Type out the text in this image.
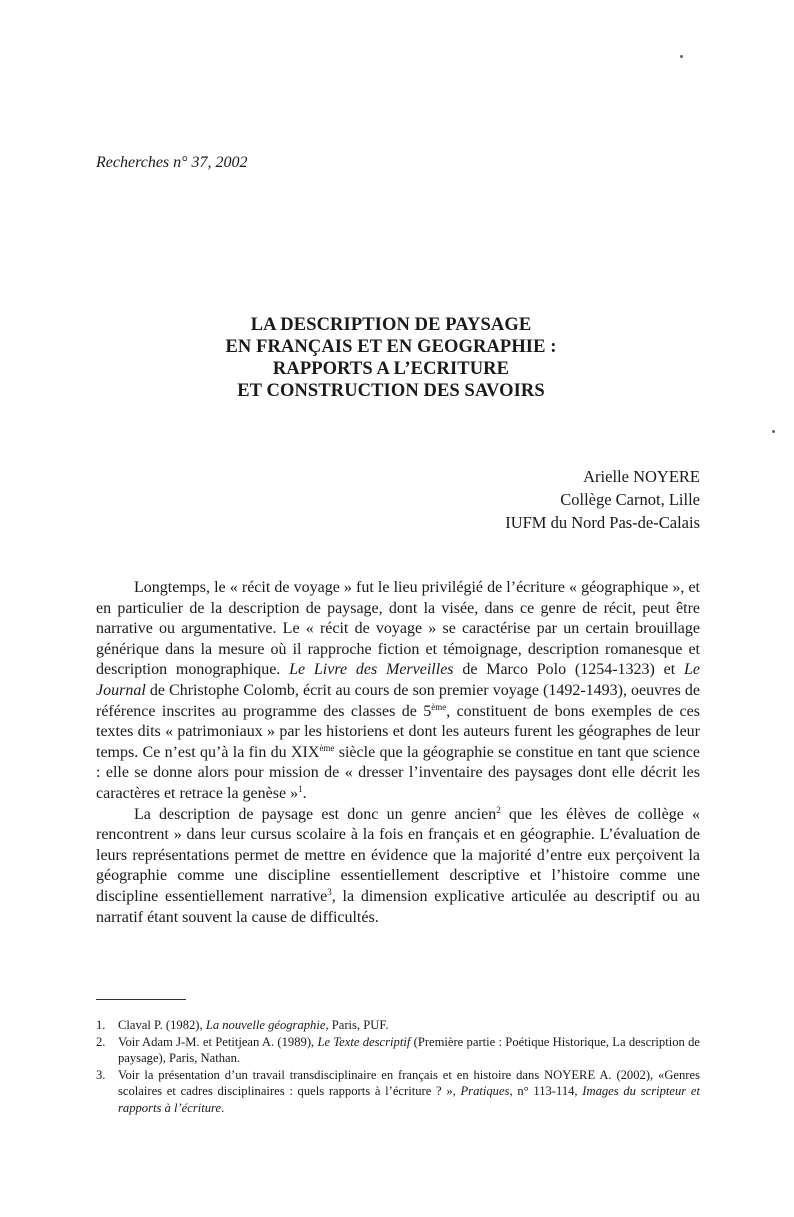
Recherches n° 37, 2002
LA DESCRIPTION DE PAYSAGE
EN FRANÇAIS ET EN GEOGRAPHIE :
RAPPORTS A L’ECRITURE
ET CONSTRUCTION DES SAVOIRS
Arielle NOYERE
Collège Carnot, Lille
IUFM du Nord Pas-de-Calais

Longtemps, le « récit de voyage » fut le lieu privilégié de l’écriture « géographique », et en particulier de la description de paysage, dont la visée, dans ce genre de récit, peut être narrative ou argumentative. Le « récit de voyage » se caractérise par un certain brouillage générique dans la mesure où il rapproche fiction et témoignage, description romanesque et description monographique. Le Livre des Merveilles de Marco Polo (1254-1323) et Le Journal de Christophe Colomb, écrit au cours de son premier voyage (1492-1493), oeuvres de référence inscrites au programme des classes de 5ème, constituent de bons exemples de ces textes dits « patrimoniaux » par les historiens et dont les auteurs furent les géographes de leur temps. Ce n’est qu’à la fin du XIXème siècle que la géographie se constitue en tant que science : elle se donne alors pour mission de « dresser l’inventaire des paysages dont elle décrit les caractères et retrace la genèse »$^1$.

La description de paysage est donc un genre ancien$^2$ que les élèves de collège « rencontrent » dans leur cursus scolaire à la fois en français et en géographie. L’évaluation de leurs représentations permet de mettre en évidence que la majorité d’entre eux perçoivent la géographie comme une discipline essentiellement descriptive et l’histoire comme une discipline essentiellement narrative$^3$, la dimension explicative articulée au descriptif ou au narratif étant souvent la cause de difficultés.

1. Claval P. (1982), La nouvelle géographie, Paris, PUF.
2. Voir Adam J-M. et Petitjean A. (1989), Le Texte descriptif (Première partie : Poétique Historique, La description de paysage), Paris, Nathan.
3. Voir la présentation d’un travail transdisciplinaire en français et en histoire dans NOYERE A. (2002), «Genres scolaires et cadres disciplinaires : quels rapports à l’écriture ? », Pratiques, n° 113-114, Images du scripteur et rapports à l’écriture.
